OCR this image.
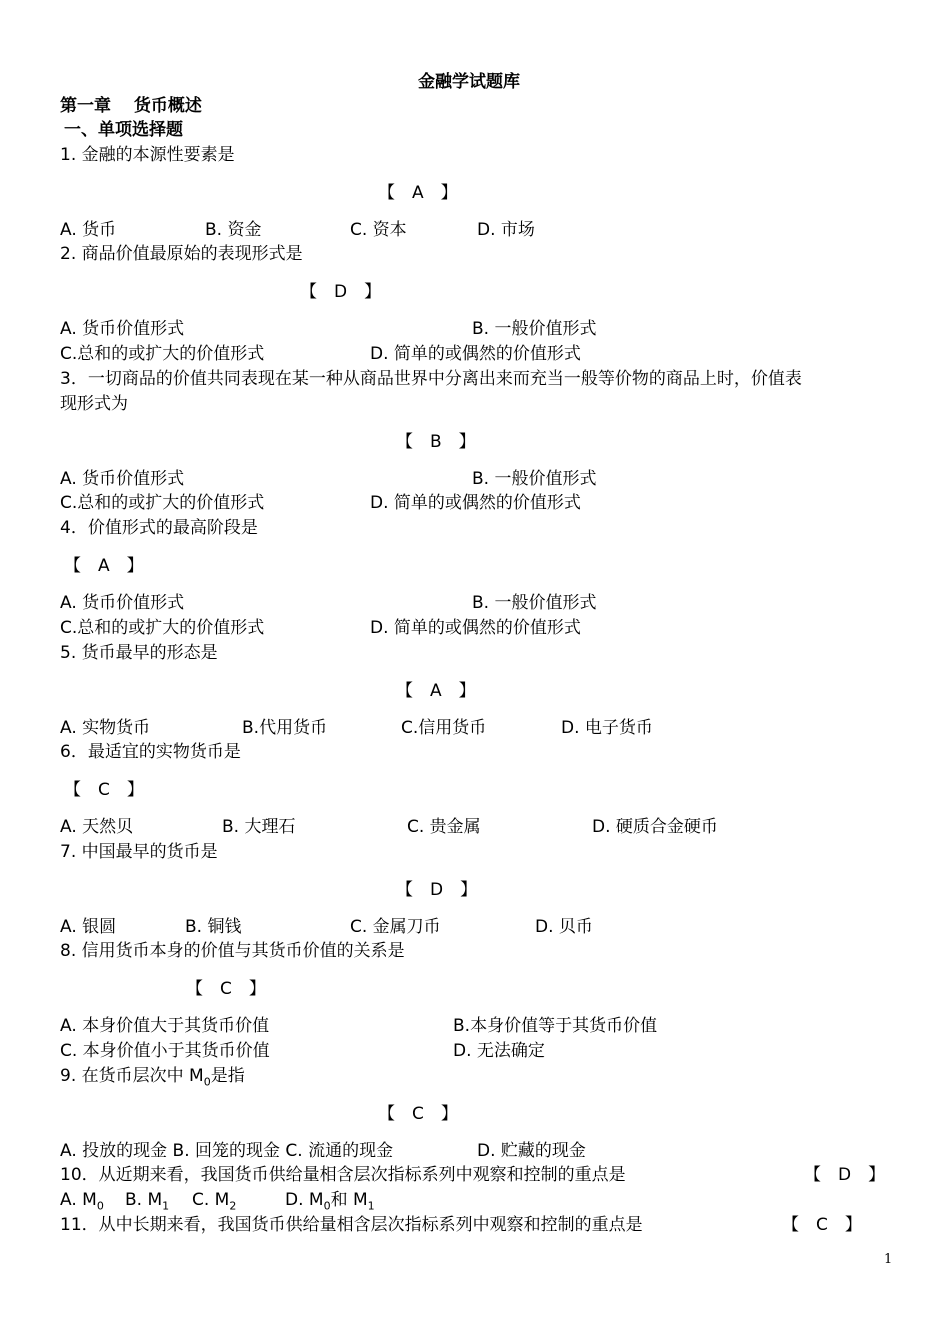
金融学试题库
第一章　 货币概述
一、单项选择题
1. 金融的本源性要素是
【　A　】
A. 货币	B. 资金	C. 资本	D. 市场
2. 商品价值最原始的表现形式是
【　D　】
A. 货币价值形式	B. 一般价值形式
C.总和的或扩大的价值形式	D. 简单的或偶然的价值形式
3．一切商品的价值共同表现在某一种从商品世界中分离出来而充当一般等价物的商品上时，价值表
现形式为
【　B　】
A. 货币价值形式	B. 一般价值形式
C.总和的或扩大的价值形式	D. 简单的或偶然的价值形式
4．价值形式的最高阶段是
【　A　】
A. 货币价值形式	B. 一般价值形式
C.总和的或扩大的价值形式	D. 简单的或偶然的价值形式
5. 货币最早的形态是
【　A　】
A. 实物货币	B.代用货币	C.信用货币	D. 电子货币
6．最适宜的实物货币是
【　C　】
A. 天然贝	B. 大理石	C. 贵金属	D. 硬质合金硬币
7. 中国最早的货币是
【　D　】
A. 银圆	B. 铜钱	C. 金属刀币	D. 贝币
8. 信用货币本身的价值与其货币价值的关系是
【　C　】
A. 本身价值大于其货币价值	B.本身价值等于其货币价值
C. 本身价值小于其货币价值	D. 无法确定
9. 在货币层次中 $M_0$是指
【　C　】
A. 投放的现金 B. 回笼的现金 C. 流通的现金	D. 贮藏的现金
10．从近期来看，我国货币供给量相含层次指标系列中观察和控制的重点是	【　D　】
A. $M_0$ B. $M_1$ C. $M_2$	D. $M_0$和 $M_1$
11．从中长期来看，我国货币供给量相含层次指标系列中观察和控制的重点是	【　C　】
1
